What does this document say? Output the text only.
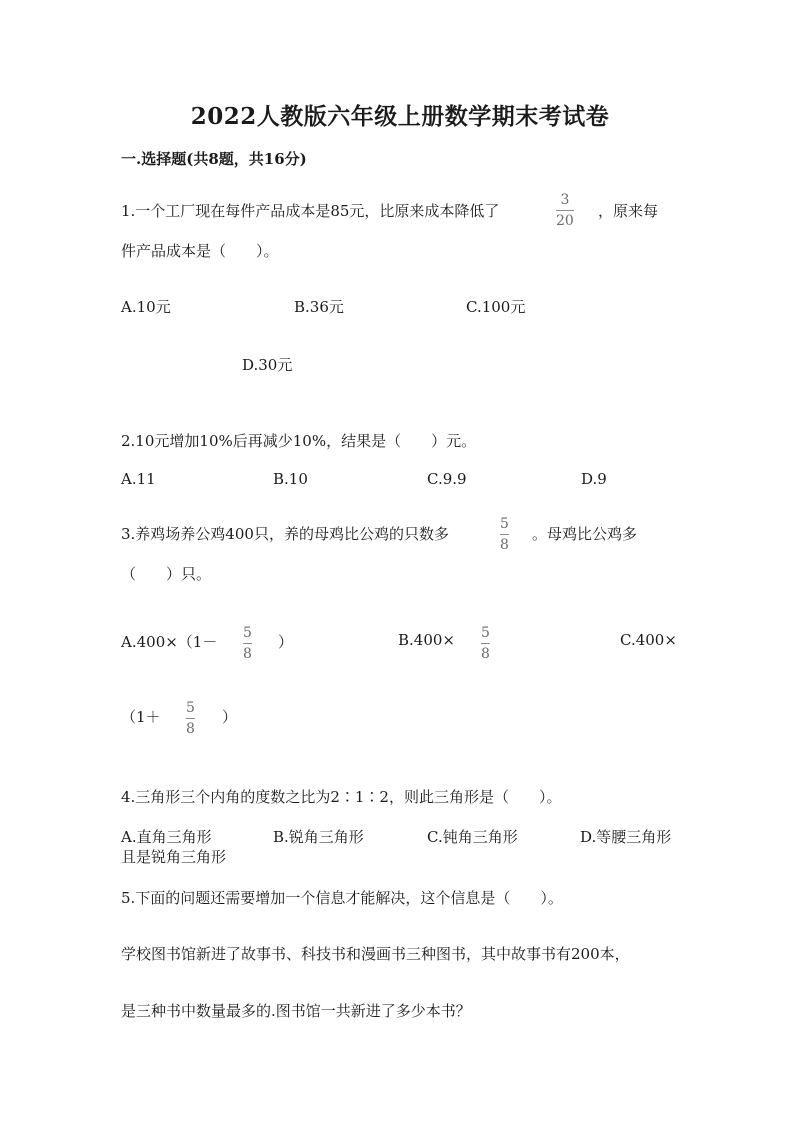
2022人教版六年级上册数学期末考试卷
一.选择题(共8题，共16分)
1.一个工厂现在每件产品成本是85元，比原来成本降低了
3
20
，原来每
件产品成本是（　　）。
A.10元	B.36元	C.100元
D.30元
2.10元增加10%后再减少10%，结果是（　　）元。
A.11	B.10	C.9.9	D.9
3.养鸡场养公鸡400只，养的母鸡比公鸡的只数多
5
8
。母鸡比公鸡多
（　　）只。
A.400×（1－ 5
8
）	B.400× 5
8
C.400×
（1＋ 5
8
）
4.三角形三个内角的度数之比为2∶1∶2，则此三角形是（　　）。
A.直角三角形	B.锐角三角形	C.钝角三角形	D.等腰三角形
且是锐角三角形
5.下面的问题还需要增加一个信息才能解决，这个信息是（　　）。
学校图书馆新进了故事书、科技书和漫画书三种图书，其中故事书有200本，
是三种书中数量最多的.图书馆一共新进了多少本书？
